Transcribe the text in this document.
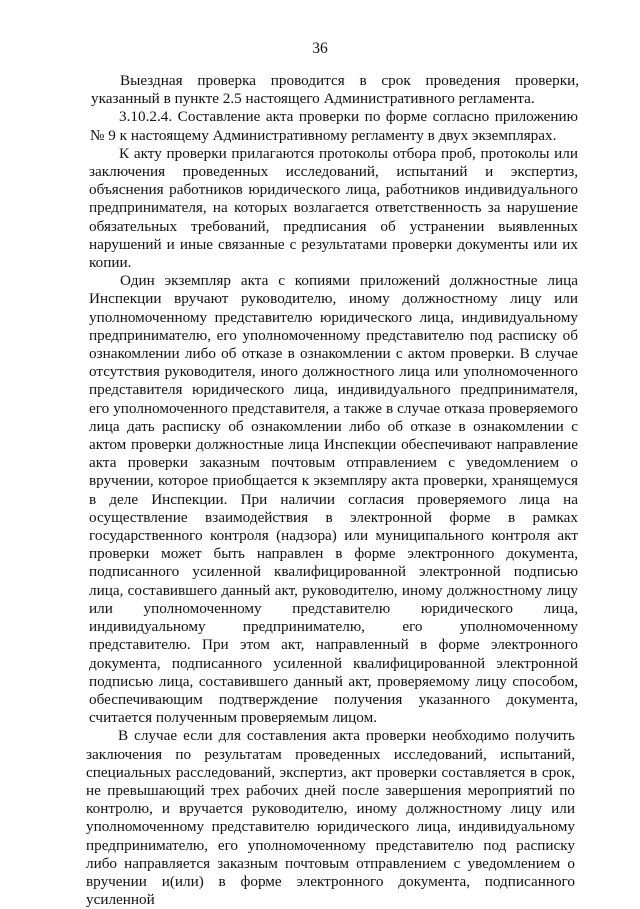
36

Выездная проверка проводится в срок проведения проверки, указанный в пункте 2.5 настоящего Административного регламента.

3.10.2.4. Составление акта проверки по форме согласно приложению № 9 к настоящему Административному регламенту в двух экземплярах.

К акту проверки прилагаются протоколы отбора проб, протоколы или заключения проведенных исследований, испытаний и экспертиз, объяснения работников юридического лица, работников индивидуального предпринимателя, на которых возлагается ответственность за нарушение обязательных требований, предписания об устранении выявленных нарушений и иные связанные с результатами проверки документы или их копии.

Один экземпляр акта с копиями приложений должностные лица Инспекции вручают руководителю, иному должностному лицу или уполномоченному представителю юридического лица, индивидуальному предпринимателю, его уполномоченному представителю под расписку об ознакомлении либо об отказе в ознакомлении с актом проверки. В случае отсутствия руководителя, иного должностного лица или уполномоченного представителя юридического лица, индивидуального предпринимателя, его уполномоченного представителя, а также в случае отказа проверяемого лица дать расписку об ознакомлении либо об отказе в ознакомлении с актом проверки должностные лица Инспекции обеспечивают направление акта проверки заказным почтовым отправлением с уведомлением о вручении, которое приобщается к экземпляру акта проверки, хранящемуся в деле Инспекции. При наличии согласия проверяемого лица на осуществление взаимодействия в электронной форме в рамках государственного контроля (надзора) или муниципального контроля акт проверки может быть направлен в форме электронного документа, подписанного усиленной квалифицированной электронной подписью лица, составившего данный акт, руководителю, иному должностному лицу или уполномоченному представителю юридического лица, индивидуальному предпринимателю, его уполномоченному представителю. При этом акт, направленный в форме электронного документа, подписанного усиленной квалифицированной электронной подписью лица, составившего данный акт, проверяемому лицу способом, обеспечивающим подтверждение получения указанного документа, считается полученным проверяемым лицом.

В случае если для составления акта проверки необходимо получить заключения по результатам проведенных исследований, испытаний, специальных расследований, экспертиз, акт проверки составляется в срок, не превышающий трех рабочих дней после завершения мероприятий по контролю, и вручается руководителю, иному должностному лицу или уполномоченному представителю юридического лица, индивидуальному предпринимателю, его уполномоченному представителю под расписку либо направляется заказным почтовым отправлением с уведомлением о вручении и(или) в форме электронного документа, подписанного усиленной
